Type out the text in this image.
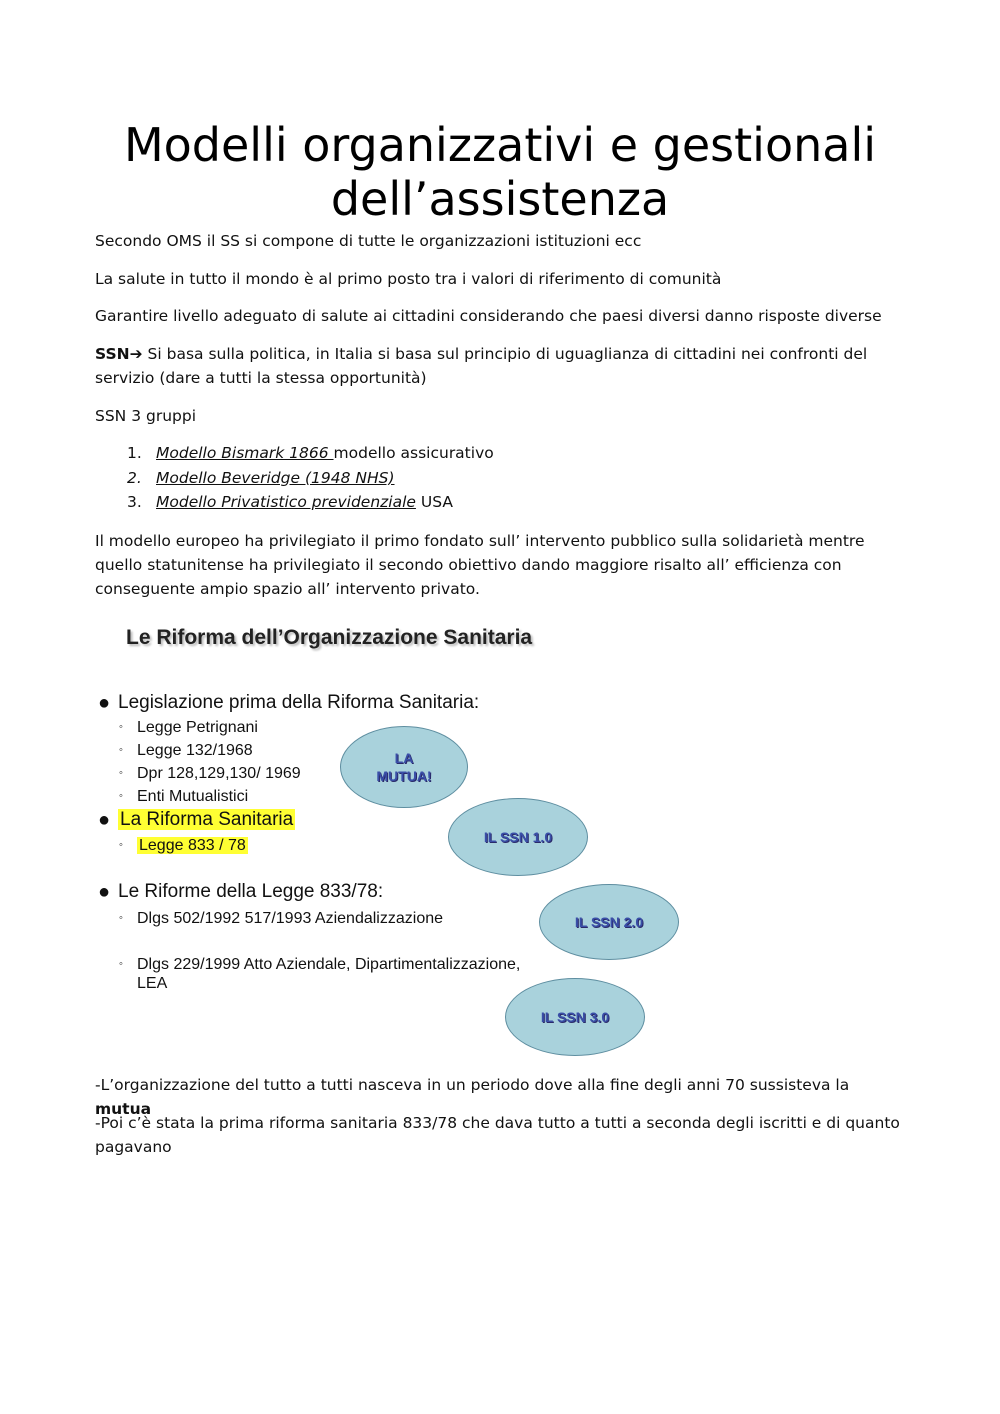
Modelli organizzativi e gestionali
dell’assistenza

Secondo OMS il SS si compone di tutte le organizzazioni istituzioni ecc

La salute in tutto il mondo è al primo posto tra i valori di riferimento di comunità

Garantire livello adeguato di salute ai cittadini considerando che paesi diversi danno risposte diverse

SSN➔ Si basa sulla politica, in Italia si basa sul principio di uguaglianza di cittadini nei confronti del servizio (dare a tutti la stessa opportunità)

SSN 3 gruppi

1. Modello Bismark 1866 modello assicurativo
2. Modello Beveridge (1948 NHS)
3. Modello Privatistico previdenziale USA

Il modello europeo ha privilegiato il primo fondato sull’ intervento pubblico sulla solidarietà mentre quello statunitense ha privilegiato il secondo obiettivo dando maggiore risalto all’ efficienza con conseguente ampio spazio all’ intervento privato.

Le Riforma dell’Organizzazione Sanitaria
● Legislazione prima della Riforma Sanitaria:
◦ Legge Petrignani
◦ Legge 132/1968
◦ Dpr 128,129,130/ 1969
◦ Enti Mutualistici
● La Riforma Sanitaria
◦ Legge 833 / 78
● Le Riforme della Legge 833/78:
◦ Dlgs 502/1992 517/1993 Aziendalizzazione
◦ Dlgs 229/1999 Atto Aziendale, Dipartimentalizzazione,
LEA
LA
MUTUA!
IL SSN 1.0
IL SSN 2.0
IL SSN 3.0

-L’organizzazione del tutto a tutti nasceva in un periodo dove alla fine degli anni 70 sussisteva la mutua

-Poi c’è stata la prima riforma sanitaria 833/78 che dava tutto a tutti a seconda degli iscritti e di quanto pagavano
